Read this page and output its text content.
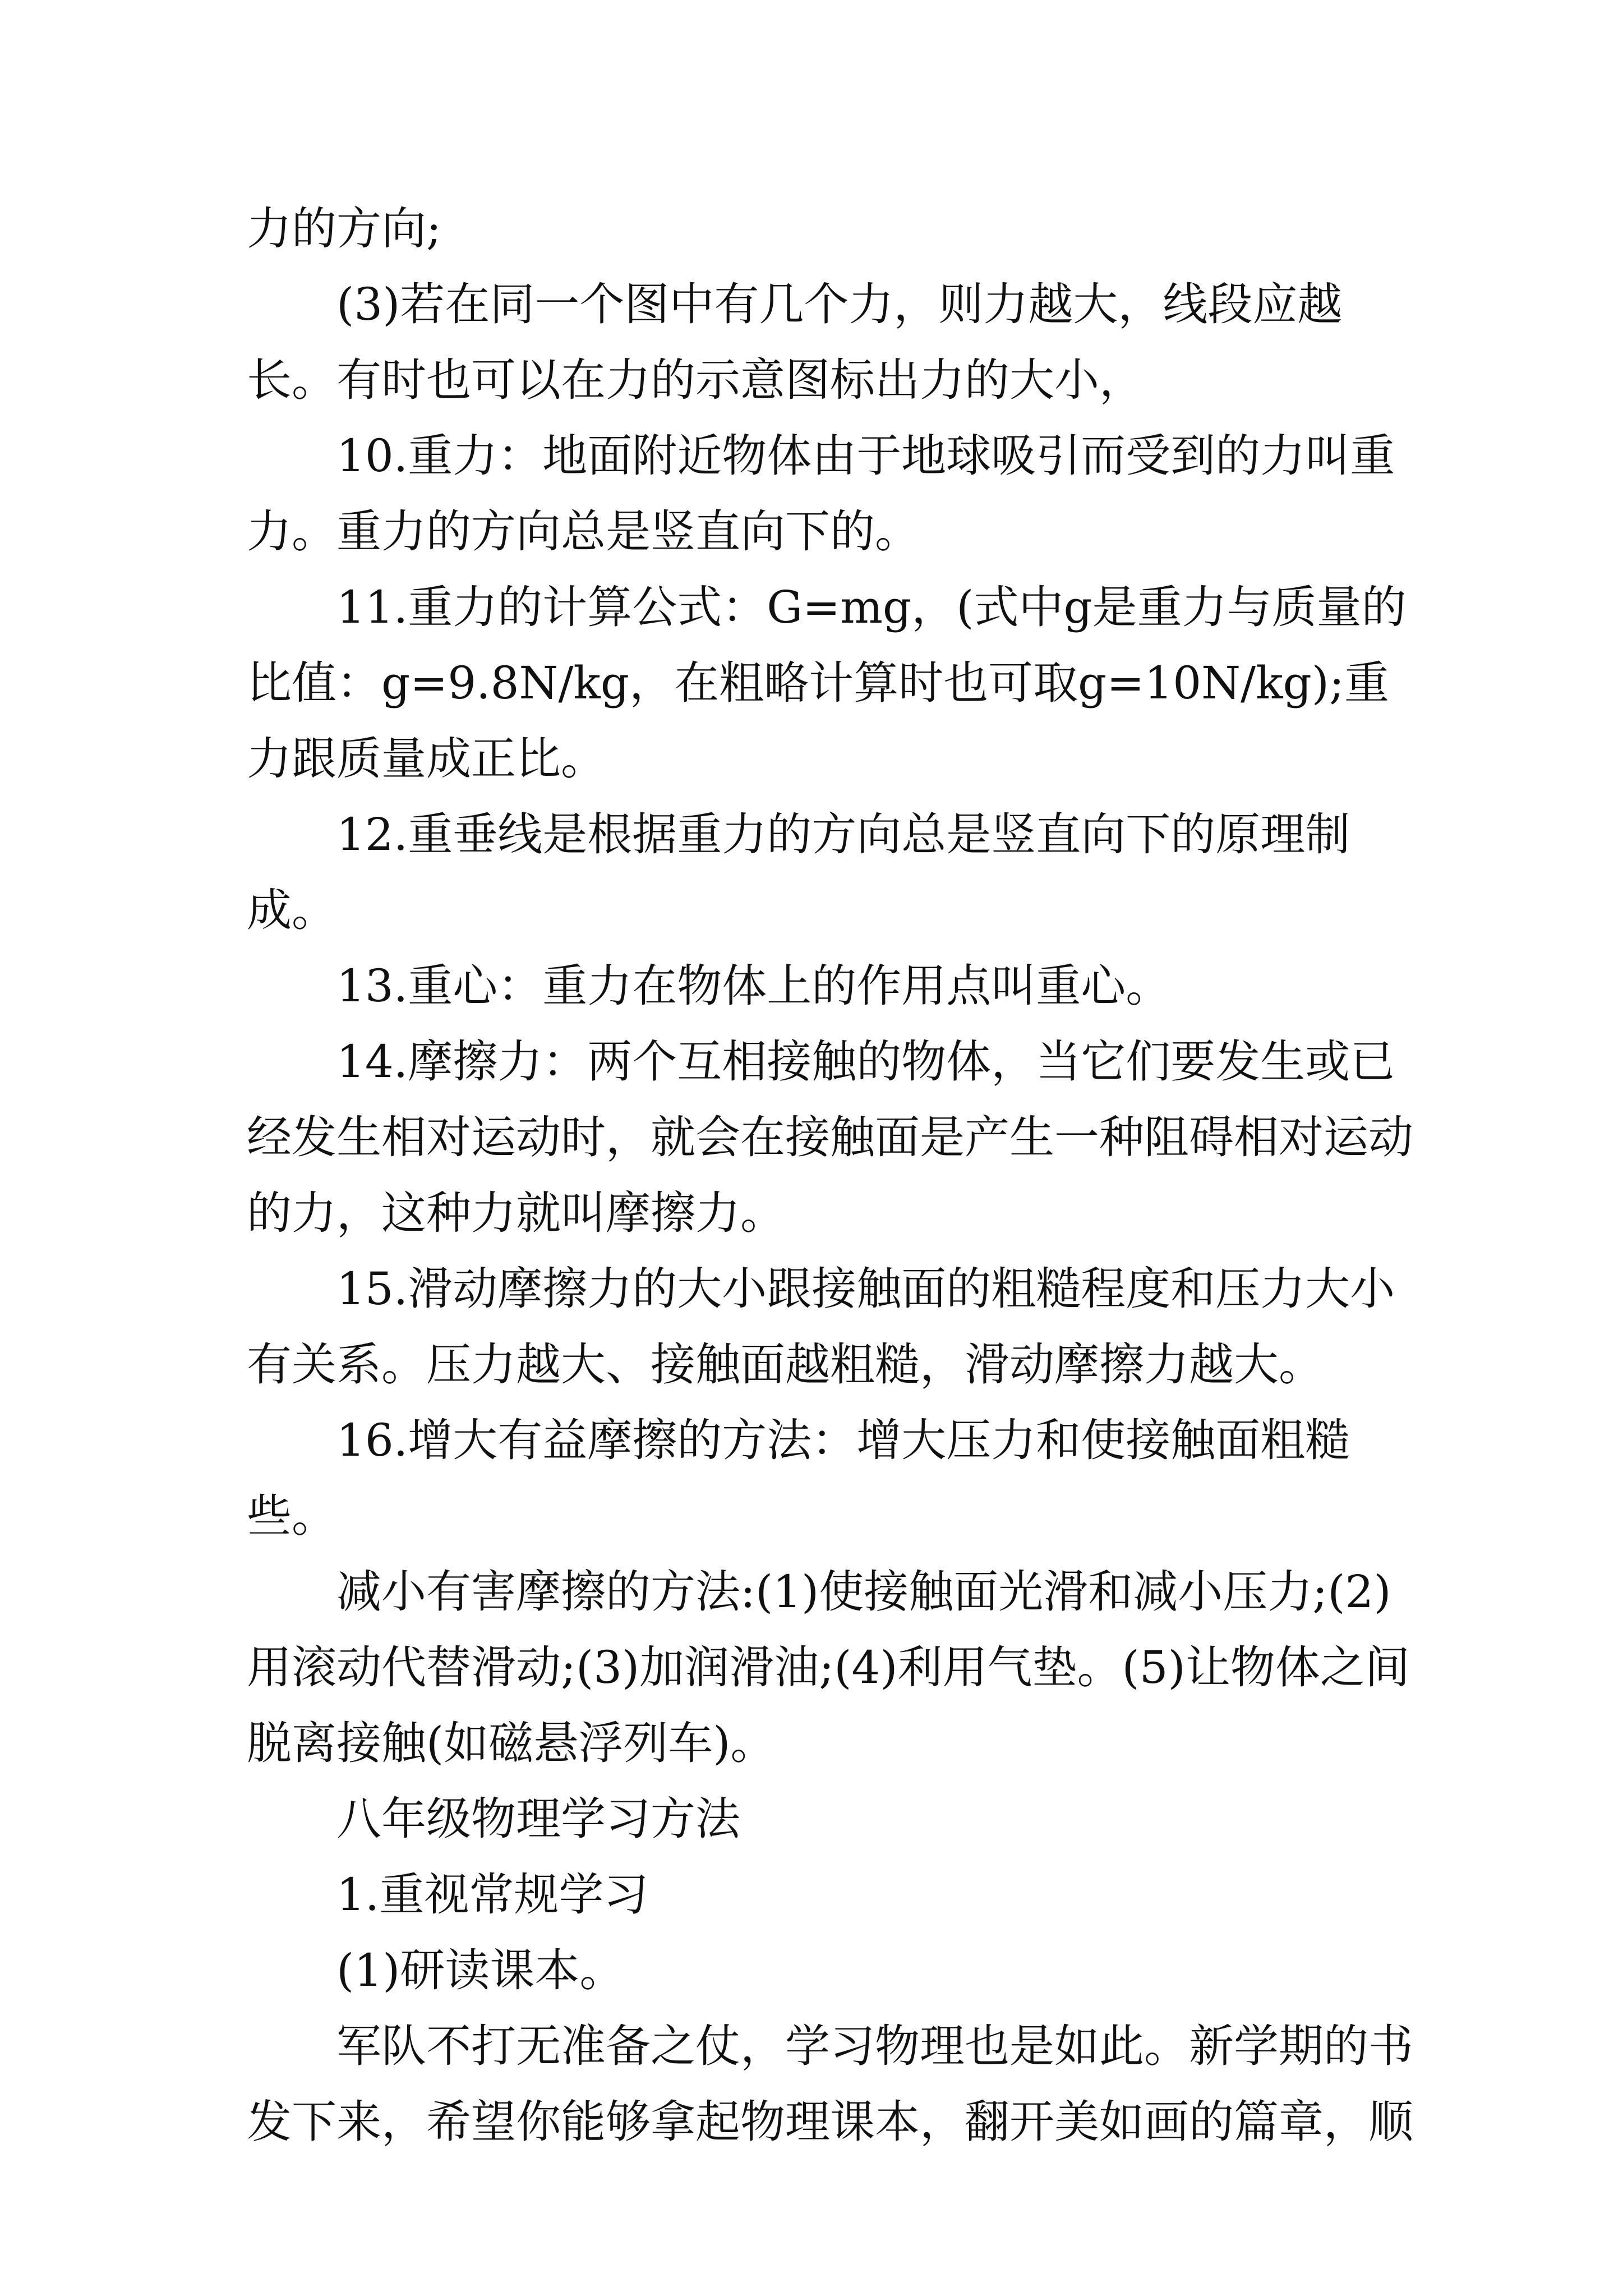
力的方向;

(3)若在同一个图中有几个力，则力越大，线段应越长。有时也可以在力的示意图标出力的大小，

10.重力：地面附近物体由于地球吸引而受到的力叫重力。重力的方向总是竖直向下的。

11.重力的计算公式：G=mg，(式中g是重力与质量的比值：g=9.8N/kg，在粗略计算时也可取g=10N/kg);重力跟质量成正比。

12.重垂线是根据重力的方向总是竖直向下的原理制成。

13.重心：重力在物体上的作用点叫重心。

14.摩擦力：两个互相接触的物体，当它们要发生或已经发生相对运动时，就会在接触面是产生一种阻碍相对运动的力，这种力就叫摩擦力。

15.滑动摩擦力的大小跟接触面的粗糙程度和压力大小有关系。压力越大、接触面越粗糙，滑动摩擦力越大。

16.增大有益摩擦的方法：增大压力和使接触面粗糙些。

减小有害摩擦的方法:(1)使接触面光滑和减小压力;(2)用滚动代替滑动;(3)加润滑油;(4)利用气垫。(5)让物体之间脱离接触(如磁悬浮列车)。

八年级物理学习方法

1.重视常规学习

(1)研读课本。

军队不打无准备之仗，学习物理也是如此。新学期的书发下来，希望你能够拿起物理课本，翻开美如画的篇章，顺
